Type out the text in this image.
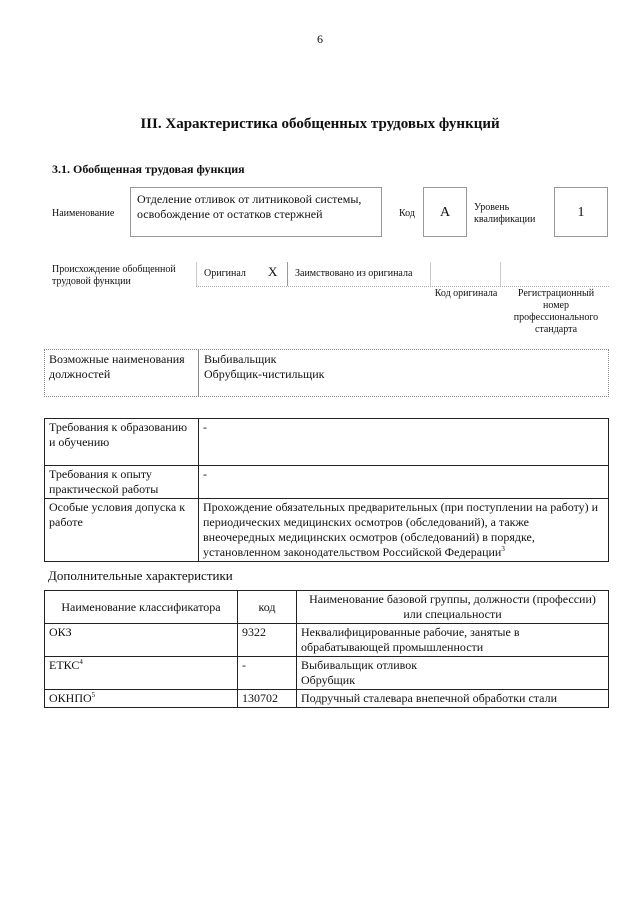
6
III. Характеристика обобщенных трудовых функций
3.1. Обобщенная трудовая функция
Наименование
Отделение отливок от литниковой системы, освобождение от остатков стержней	Код	А	Уровень квалификации	1
Происхождение обобщенной трудовой функции
Оригинал X Заимствовано из оригинала
Код оригинала	Регистрационный номер профессионального стандарта
Возможные наименования должностей
Выбивальщик
Обрубщик-чистильщик
Требования к образованию и обучению	-
Требования к опыту практической работы	-
Особые условия допуска к работе	Прохождение обязательных предварительных (при поступлении на работу) и периодических медицинских осмотров (обследований), а также внеочередных медицинских осмотров (обследований) в порядке, установленном законодательством Российской Федерации$^3$
Дополнительные характеристики
Наименование классификатора	код	Наименование базовой группы, должности (профессии) или специальности
ОКЗ	9322	Неквалифицированные рабочие, занятые в обрабатывающей промышленности
ЕТКС$^4$	-	Выбивальщик отливок
Обрубщик

ОКНПО$^5$	130702	Подручный сталевара внепечной обработки стали
